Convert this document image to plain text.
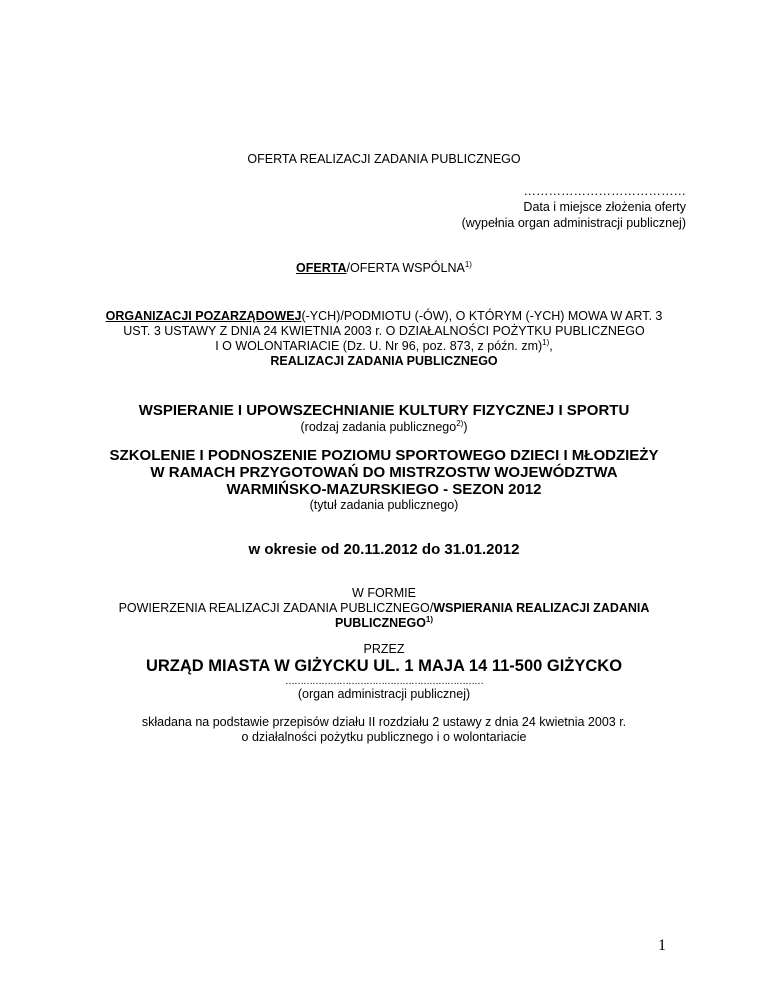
OFERTA REALIZACJI ZADANIA PUBLICZNEGO
…………………………………
Data i miejsce złożenia oferty
(wypełnia organ administracji publicznej)
OFERTA/OFERTA WSPÓLNA$^{1)}$
ORGANIZACJI POZARZĄDOWEJ(-YCH)/PODMIOTU (-ÓW), O KTÓRYM (-YCH) MOWA W ART. 3
UST. 3 USTAWY Z DNIA 24 KWIETNIA 2003 r. O DZIAŁALNOŚCI POŻYTKU PUBLICZNEGO
I O WOLONTARIACIE (Dz. U. Nr 96, poz. 873, z późn. zm)$^{1)}$,
REALIZACJI ZADANIA PUBLICZNEGO
WSPIERANIE I UPOWSZECHNIANIE KULTURY FIZYCZNEJ I SPORTU
(rodzaj zadania publicznego$^{2)}$)
SZKOLENIE I PODNOSZENIE POZIOMU SPORTOWEGO DZIECI I MŁODZIEŻY
W RAMACH PRZYGOTOWAŃ DO MISTRZOSTW WOJEWÓDZTWA
WARMIŃSKO-MAZURSKIEGO - SEZON 2012
(tytuł zadania publicznego)
w okresie od 20.11.2012 do 31.01.2012
W FORMIE
POWIERZENIA REALIZACJI ZADANIA PUBLICZNEGO/WSPIERANIA REALIZACJI ZADANIA
PUBLICZNEGO$^{1)}$
PRZEZ
URZĄD MIASTA W GIŻYCKU UL. 1 MAJA 14 11-500 GIŻYCKO
…………………………………………………………
(organ administracji publicznej)
składana na podstawie przepisów działu II rozdziału 2 ustawy z dnia 24 kwietnia 2003 r.
o działalności pożytku publicznego i o wolontariacie
1
